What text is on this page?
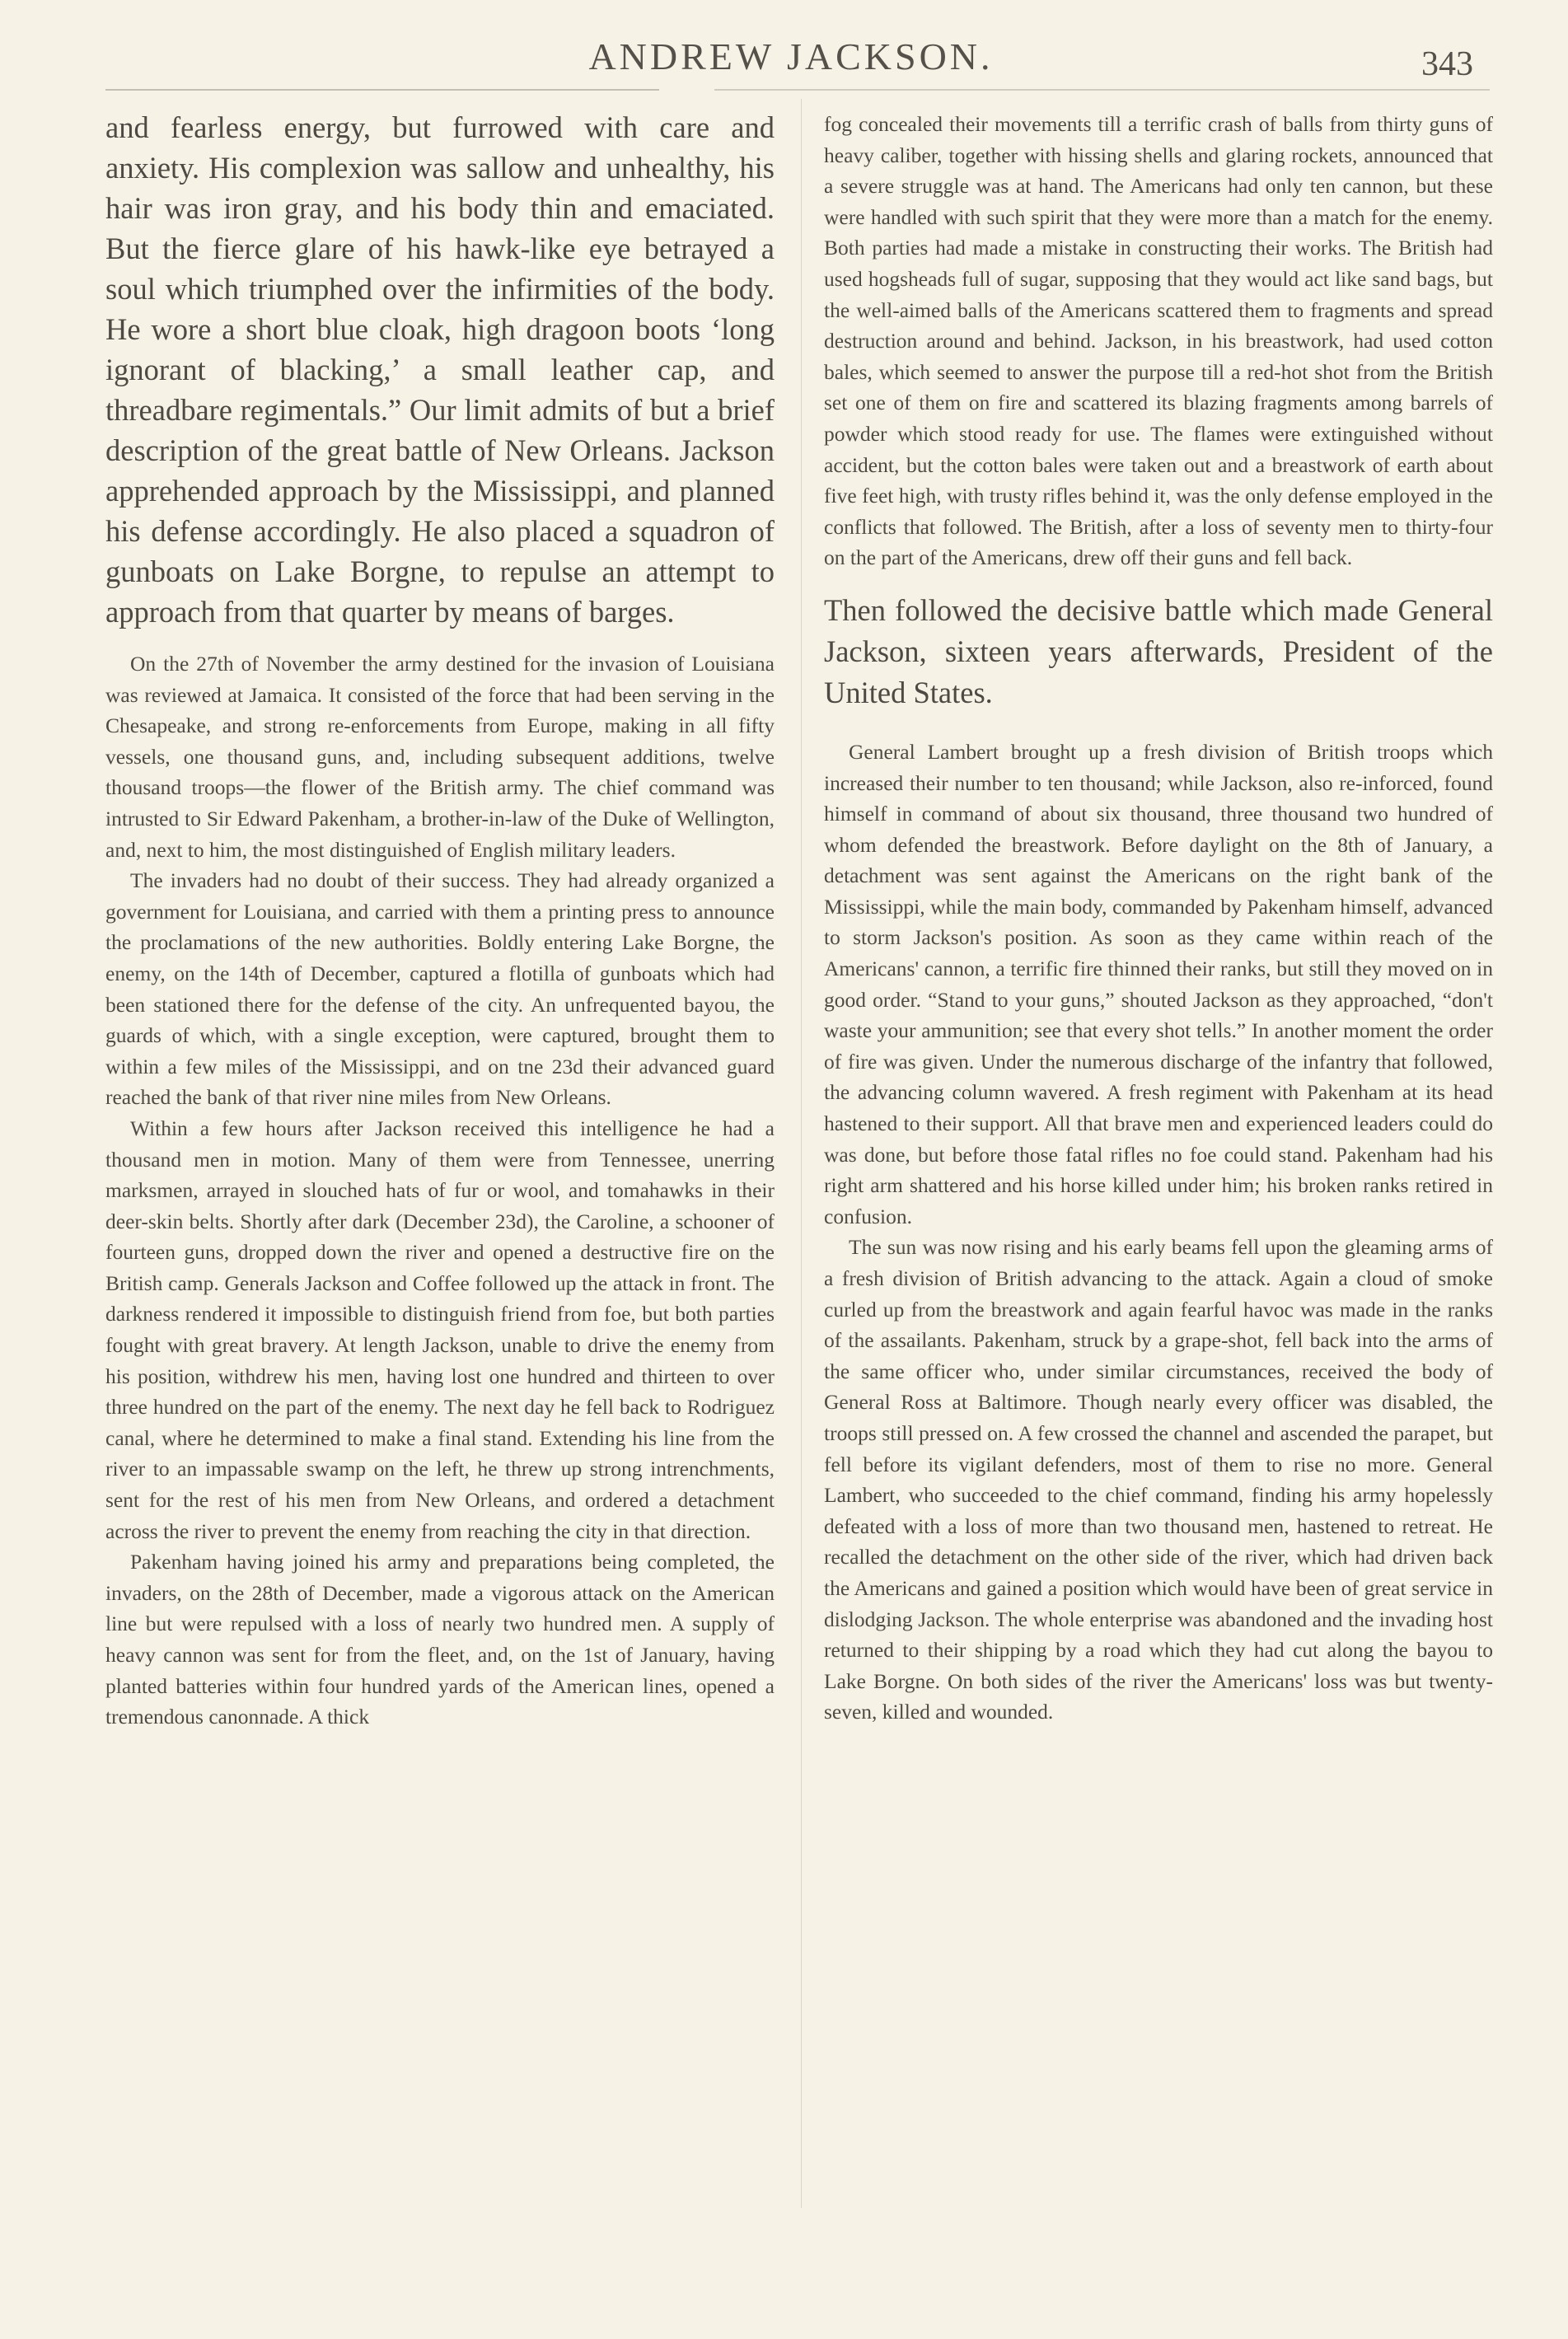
ANDREW JACKSON.	343

and fearless energy, but furrowed with care and anxiety. His complexion was sallow and unhealthy, his hair was iron gray, and his body thin and emaciated. But the fierce glare of his hawk-like eye betrayed a soul which triumphed over the infirmities of the body. He wore a short blue cloak, high dragoon boots ‘long ignorant of blacking,’ a small leather cap, and threadbare regimentals.” Our limit admits of but a brief description of the great battle of New Orleans. Jackson apprehended approach by the Mississippi, and planned his defense accordingly. He also placed a squadron of gunboats on Lake Borgne, to repulse an attempt to approach from that quarter by means of barges.

On the 27th of November the army destined for the invasion of Louisiana was reviewed at Jamaica. It consisted of the force that had been serving in the Chesapeake, and strong re-enforcements from Europe, making in all fifty vessels, one thousand guns, and, including subsequent additions, twelve thousand troops—the flower of the British army. The chief command was intrusted to Sir Edward Pakenham, a brother-in-law of the Duke of Wellington, and, next to him, the most distinguished of English military leaders.

The invaders had no doubt of their success. They had already organized a government for Louisiana, and carried with them a printing press to announce the proclamations of the new authorities. Boldly entering Lake Borgne, the enemy, on the 14th of December, captured a flotilla of gunboats which had been stationed there for the defense of the city. An unfrequented bayou, the guards of which, with a single exception, were captured, brought them to within a few miles of the Mississippi, and on tne 23d their advanced guard reached the bank of that river nine miles from New Orleans.

Within a few hours after Jackson received this intelligence he had a thousand men in motion. Many of them were from Tennessee, unerring marksmen, arrayed in slouched hats of fur or wool, and tomahawks in their deer-skin belts. Shortly after dark (December 23d), the Caroline, a schooner of fourteen guns, dropped down the river and opened a destructive fire on the British camp. Generals Jackson and Coffee followed up the attack in front. The darkness rendered it impossible to distinguish friend from foe, but both parties fought with great bravery. At length Jackson, unable to drive the enemy from his position, withdrew his men, having lost one hundred and thirteen to over three hundred on the part of the enemy. The next day he fell back to Rodriguez canal, where he determined to make a final stand. Extending his line from the river to an impassable swamp on the left, he threw up strong intrenchments, sent for the rest of his men from New Orleans, and ordered a detachment across the river to prevent the enemy from reaching the city in that direction.

Pakenham having joined his army and preparations being completed, the invaders, on the 28th of December, made a vigorous attack on the American line but were repulsed with a loss of nearly two hundred men. A supply of heavy cannon was sent for from the fleet, and, on the 1st of January, having planted batteries within four hundred yards of the American lines, opened a tremendous canonnade. A thick

fog concealed their movements till a terrific crash of balls from thirty guns of heavy caliber, together with hissing shells and glaring rockets, announced that a severe struggle was at hand. The Americans had only ten cannon, but these were handled with such spirit that they were more than a match for the enemy. Both parties had made a mistake in constructing their works. The British had used hogsheads full of sugar, supposing that they would act like sand bags, but the well-aimed balls of the Americans scattered them to fragments and spread destruction around and behind. Jackson, in his breastwork, had used cotton bales, which seemed to answer the purpose till a red-hot shot from the British set one of them on fire and scattered its blazing fragments among barrels of powder which stood ready for use. The flames were extinguished without accident, but the cotton bales were taken out and a breastwork of earth about five feet high, with trusty rifles behind it, was the only defense employed in the conflicts that followed. The British, after a loss of seventy men to thirty-four on the part of the Americans, drew off their guns and fell back.

Then followed the decisive battle which made General Jackson, sixteen years afterwards, President of the United States.

General Lambert brought up a fresh division of British troops which increased their number to ten thousand; while Jackson, also re-inforced, found himself in command of about six thousand, three thousand two hundred of whom defended the breastwork. Before daylight on the 8th of January, a detachment was sent against the Americans on the right bank of the Mississippi, while the main body, commanded by Pakenham himself, advanced to storm Jackson's position. As soon as they came within reach of the Americans' cannon, a terrific fire thinned their ranks, but still they moved on in good order. “Stand to your guns,” shouted Jackson as they approached, “don't waste your ammunition; see that every shot tells.” In another moment the order of fire was given. Under the numerous discharge of the infantry that followed, the advancing column wavered. A fresh regiment with Pakenham at its head hastened to their support. All that brave men and experienced leaders could do was done, but before those fatal rifles no foe could stand. Pakenham had his right arm shattered and his horse killed under him; his broken ranks retired in confusion.

The sun was now rising and his early beams fell upon the gleaming arms of a fresh division of British advancing to the attack. Again a cloud of smoke curled up from the breastwork and again fearful havoc was made in the ranks of the assailants. Pakenham, struck by a grape-shot, fell back into the arms of the same officer who, under similar circumstances, received the body of General Ross at Baltimore. Though nearly every officer was disabled, the troops still pressed on. A few crossed the channel and ascended the parapet, but fell before its vigilant defenders, most of them to rise no more. General Lambert, who succeeded to the chief command, finding his army hopelessly defeated with a loss of more than two thousand men, hastened to retreat. He recalled the detachment on the other side of the river, which had driven back the Americans and gained a position which would have been of great service in dislodging Jackson. The whole enterprise was abandoned and the invading host returned to their shipping by a road which they had cut along the bayou to Lake Borgne. On both sides of the river the Americans' loss was but twenty-seven, killed and wounded.
